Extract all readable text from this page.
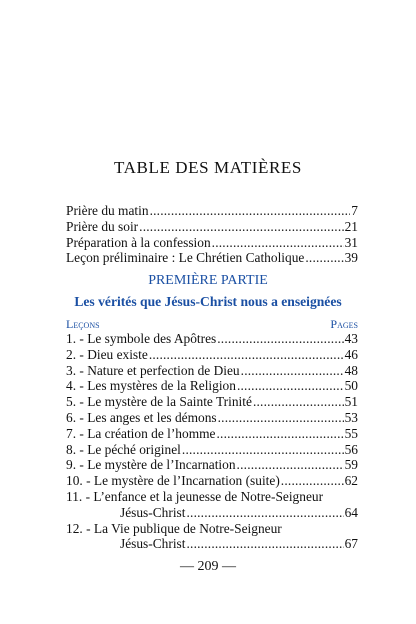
TABLE DES MATIÈRES
Prière du matin .....	7
Prière du soir .....	21
Préparation à la confession .....	31
Leçon préliminaire : Le Chrétien Catholique .....	39
PREMIÈRE PARTIE
Les vérités que Jésus-Christ nous a enseignées
Leçons	Pages
1. - Le symbole des Apôtres .....	43
2. - Dieu existe .....	46
3. - Nature et perfection de Dieu .....	48
4. - Les mystères de la Religion .....	50
5. - Le mystère de la Sainte Trinité .....	51
6. - Les anges et les démons .....	53
7. - La création de l’homme .....	55
8. - Le péché originel .....	56
9. - Le mystère de l’Incarnation .....	59
10. - Le mystère de l’Incarnation (suite) .....	62
11. - L’enfance et la jeunesse de Notre-Seigneur
Jésus-Christ .....	64
12. - La Vie publique de Notre-Seigneur
Jésus-Christ .....	67
— 209 —
